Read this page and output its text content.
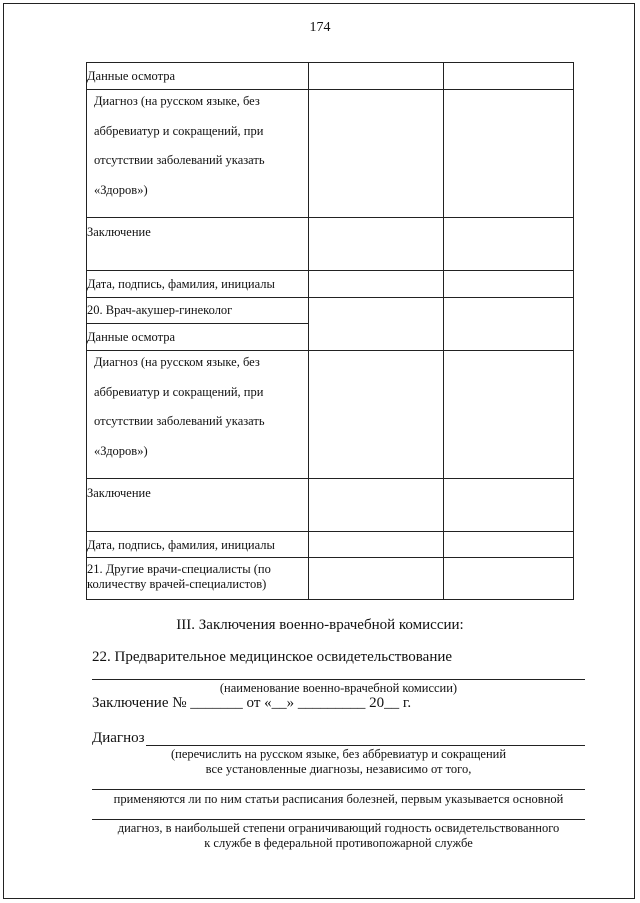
174
Данные осмотра		

Диагноз (на русском языке, без аббревиатур и сокращений, при отсутствии заболеваний указать «Здоров»)		

Заключение		
Дата, подпись, фамилия, инициалы		
20. Врач-акушер-гинеколог		
Данные осмотра		

Диагноз (на русском языке, без аббревиатур и сокращений, при отсутствии заболеваний указать «Здоров»)		

Заключение		
Дата, подпись, фамилия, инициалы		
21. Другие врачи-специалисты (по количеству врачей-специалистов)		
III. Заключения военно-врачебной комиссии:
22. Предварительное медицинское освидетельствование
(наименование военно-врачебной комиссии)
Заключение № _______ от «__» _________ 20__ г.
Диагноз
(перечислить на русском языке, без аббревиатур и сокращений
все установленные диагнозы, независимо от того,
применяются ли по ним статьи расписания болезней, первым указывается основной
диагноз, в наибольшей степени ограничивающий годность освидетельствованного
к службе в федеральной противопожарной службе
